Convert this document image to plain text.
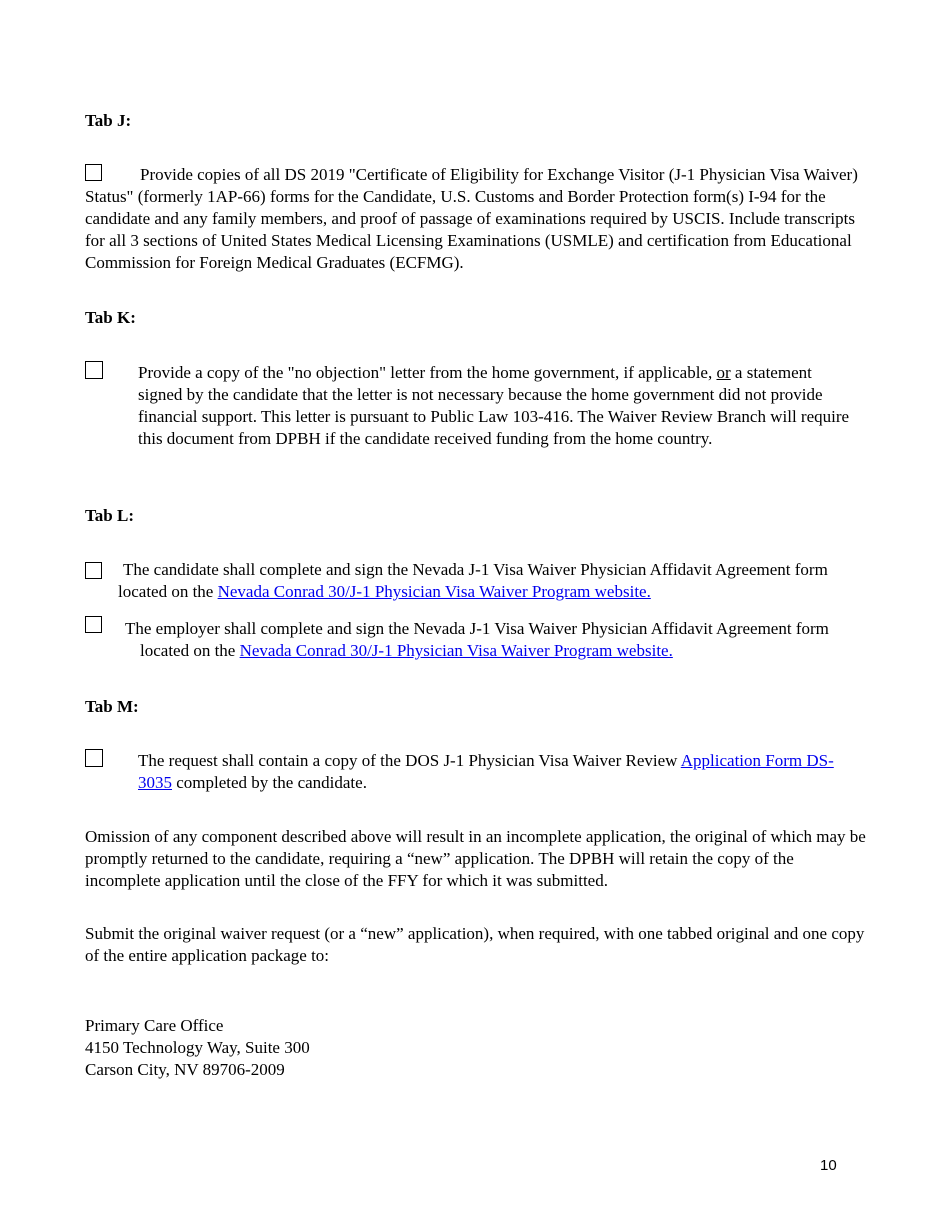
Tab J:
Provide copies of all DS 2019 "Certificate of Eligibility for Exchange Visitor (J-1 Physician Visa Waiver) Status" (formerly 1AP-66) forms for the Candidate, U.S. Customs and Border Protection form(s) I-94 for the candidate and any family members, and proof of passage of examinations required by USCIS. Include transcripts for all 3 sections of United States Medical Licensing Examinations (USMLE) and certification from Educational Commission for Foreign Medical Graduates (ECFMG).
Tab K:
Provide a copy of the "no objection" letter from the home government, if applicable, or a statement signed by the candidate that the letter is not necessary because the home government did not provide financial support. This letter is pursuant to Public Law 103-416. The Waiver Review Branch will require this document from DPBH if the candidate received funding from the home country.
Tab L:
The candidate shall complete and sign the Nevada J-1 Visa Waiver Physician Affidavit Agreement form located on the Nevada Conrad 30/J-1 Physician Visa Waiver Program website.
The employer shall complete and sign the Nevada J-1 Visa Waiver Physician Affidavit Agreement form located on the Nevada Conrad 30/J-1 Physician Visa Waiver Program website.
Tab M:
The request shall contain a copy of the DOS J-1 Physician Visa Waiver Review Application Form DS-3035 completed by the candidate.
Omission of any component described above will result in an incomplete application, the original of which may be promptly returned to the candidate, requiring a “new” application. The DPBH will retain the copy of the incomplete application until the close of the FFY for which it was submitted.
Submit the original waiver request (or a “new” application), when required, with one tabbed original and one copy of the entire application package to:
Primary Care Office
4150 Technology Way, Suite 300
Carson City, NV 89706-2009
10
